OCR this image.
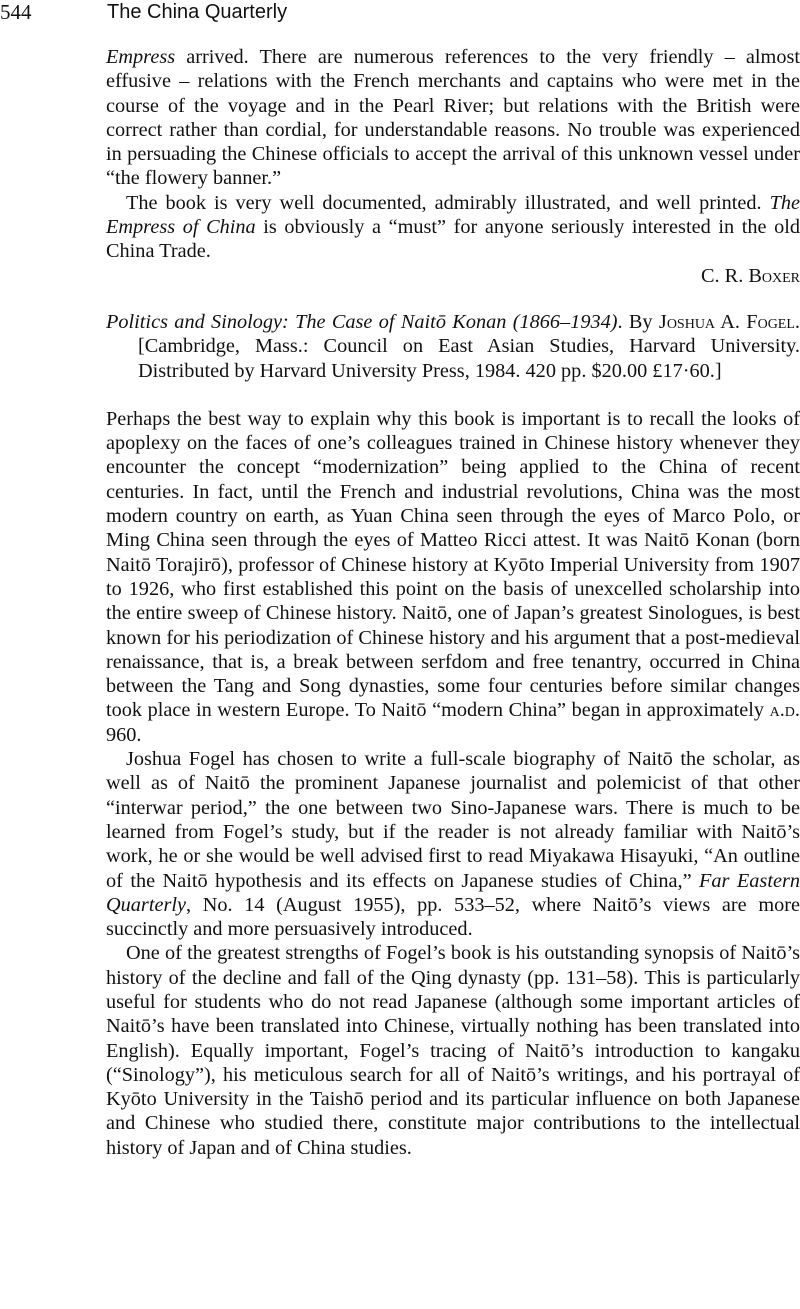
544	The China Quarterly

Empress arrived. There are numerous references to the very friendly – almost effusive – relations with the French merchants and captains who were met in the course of the voyage and in the Pearl River; but relations with the British were correct rather than cordial, for understandable reasons. No trouble was experienced in persuading the Chinese officials to accept the arrival of this unknown vessel under “the flowery banner.”

The book is very well documented, admirably illustrated, and well printed. The Empress of China is obviously a “must” for anyone seriously interested in the old China Trade.

C. R. Boxer

Politics and Sinology: The Case of Naitō Konan (1866–1934). By Joshua A. Fogel. [Cambridge, Mass.: Council on East Asian Studies, Harvard University. Distributed by Harvard University Press, 1984. 420 pp. $20.00 £17·60.]

Perhaps the best way to explain why this book is important is to recall the looks of apoplexy on the faces of one’s colleagues trained in Chinese history whenever they encounter the concept “modernization” being applied to the China of recent centuries. In fact, until the French and industrial revolutions, China was the most modern country on earth, as Yuan China seen through the eyes of Marco Polo, or Ming China seen through the eyes of Matteo Ricci attest. It was Naitō Konan (born Naitō Torajirō), professor of Chinese history at Kyōto Imperial University from 1907 to 1926, who first established this point on the basis of unexcelled scholarship into the entire sweep of Chinese history. Naitō, one of Japan’s greatest Sinologues, is best known for his periodization of Chinese history and his argument that a post-medieval renaissance, that is, a break between serfdom and free tenantry, occurred in China between the Tang and Song dynasties, some four centuries before similar changes took place in western Europe. To Naitō “modern China” began in approximately a.d. 960.

Joshua Fogel has chosen to write a full-scale biography of Naitō the scholar, as well as of Naitō the prominent Japanese journalist and polemicist of that other “interwar period,” the one between two Sino-Japanese wars. There is much to be learned from Fogel’s study, but if the reader is not already familiar with Naitō’s work, he or she would be well advised first to read Miyakawa Hisayuki, “An outline of the Naitō hypothesis and its effects on Japanese studies of China,” Far Eastern Quarterly, No. 14 (August 1955), pp. 533–52, where Naitō’s views are more succinctly and more persuasively introduced.

One of the greatest strengths of Fogel’s book is his outstanding synopsis of Naitō’s history of the decline and fall of the Qing dynasty (pp. 131–58). This is particularly useful for students who do not read Japanese (although some important articles of Naitō’s have been translated into Chinese, virtually nothing has been translated into English). Equally important, Fogel’s tracing of Naitō’s introduction to kangaku (“Sinology”), his meticulous search for all of Naitō’s writings, and his portrayal of Kyōto University in the Taishō period and its particular influence on both Japanese and Chinese who studied there, constitute major contributions to the intellectual history of Japan and of China studies.
